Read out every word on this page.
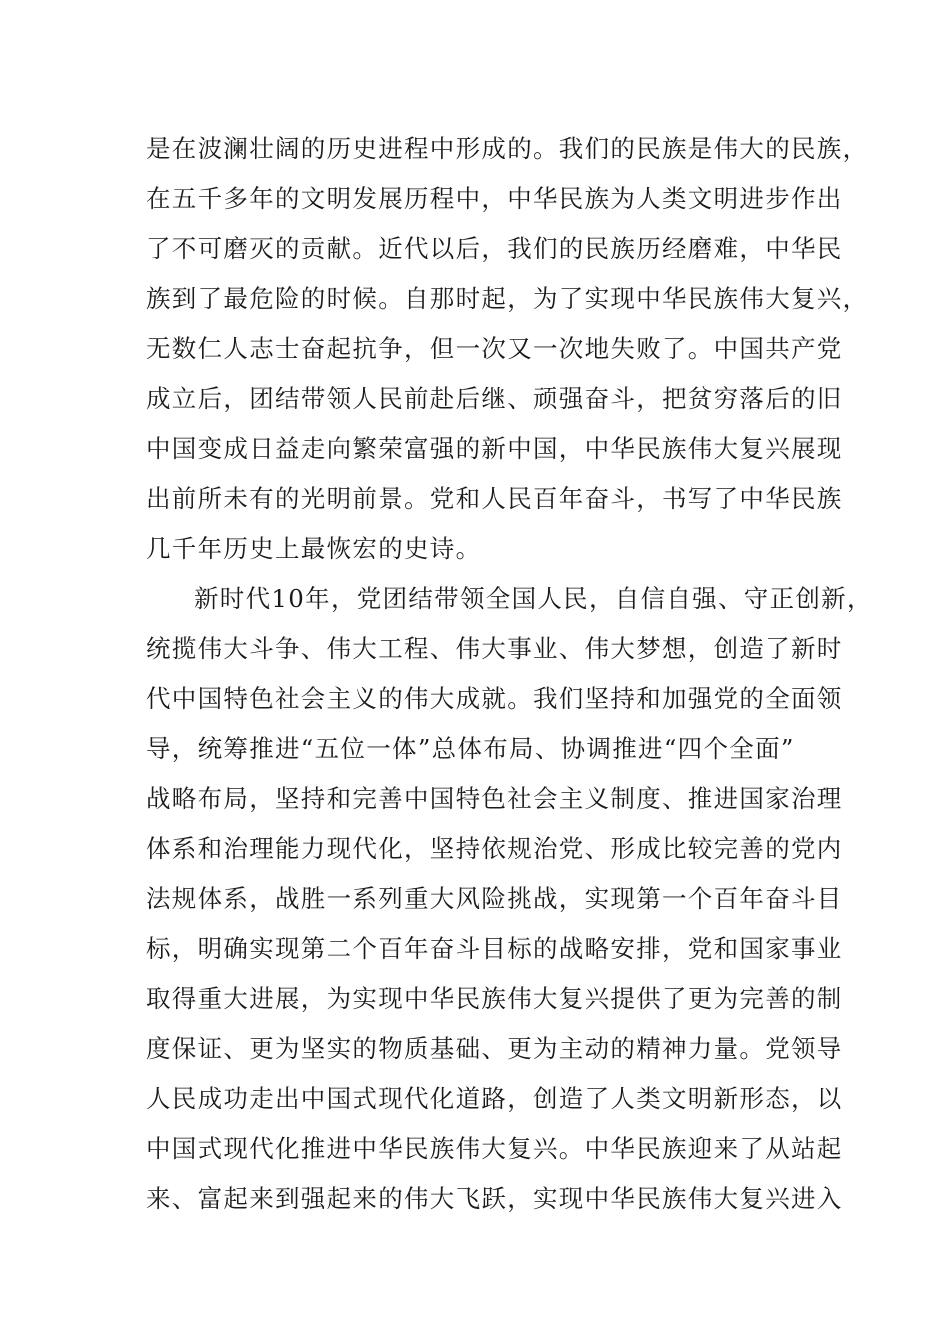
是在波澜壮阔的历史进程中形成的。我们的民族是伟大的民族，
在五千多年的文明发展历程中，中华民族为人类文明进步作出
了不可磨灭的贡献。近代以后，我们的民族历经磨难，中华民
族到了最危险的时候。自那时起，为了实现中华民族伟大复兴，
无数仁人志士奋起抗争，但一次又一次地失败了。中国共产党
成立后，团结带领人民前赴后继、顽强奋斗，把贫穷落后的旧
中国变成日益走向繁荣富强的新中国，中华民族伟大复兴展现
出前所未有的光明前景。党和人民百年奋斗，书写了中华民族
几千年历史上最恢宏的史诗。
新时代10年，党团结带领全国人民，自信自强、守正创新，
统揽伟大斗争、伟大工程、伟大事业、伟大梦想，创造了新时
代中国特色社会主义的伟大成就。我们坚持和加强党的全面领
导，统筹推进“五位一体”总体布局、协调推进“四个全面”
战略布局，坚持和完善中国特色社会主义制度、推进国家治理
体系和治理能力现代化，坚持依规治党、形成比较完善的党内
法规体系，战胜一系列重大风险挑战，实现第一个百年奋斗目
标，明确实现第二个百年奋斗目标的战略安排，党和国家事业
取得重大进展，为实现中华民族伟大复兴提供了更为完善的制
度保证、更为坚实的物质基础、更为主动的精神力量。党领导
人民成功走出中国式现代化道路，创造了人类文明新形态，以
中国式现代化推进中华民族伟大复兴。中华民族迎来了从站起
来、富起来到强起来的伟大飞跃，实现中华民族伟大复兴进入
